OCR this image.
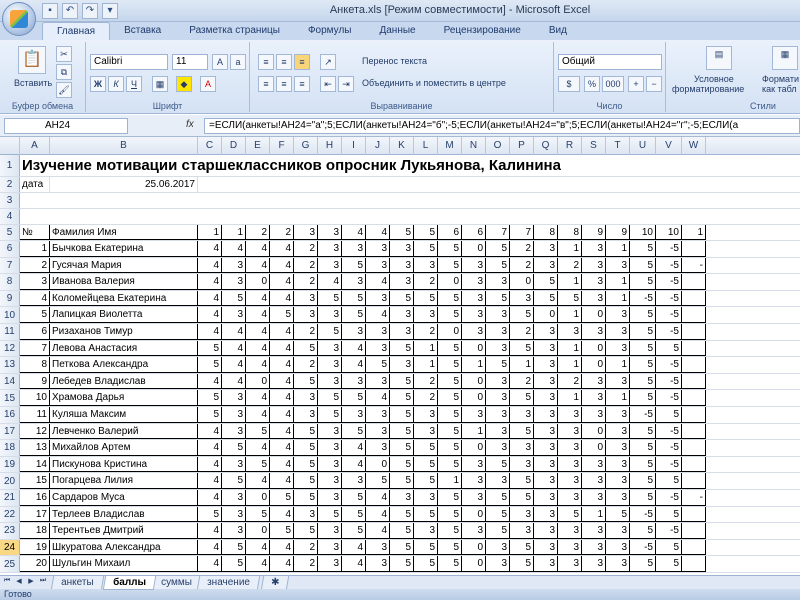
▪	↶	↷	▾	Анкета.xls [Режим совместимости] - Microsoft Excel
Главная	Вставка	Разметка страницы	Формулы	Данные	Рецензирование	Вид
📋
Вставить
✂
⧉
🖌
Буфер обмена
Calibri	11	A	a
Ж	К	Ч	▦	◆	A
Шрифт
≡	≡	≡	↗
≡	≡	≡	⇤	⇥
Перенос текста
Объединить и поместить в центре
Выравнивание
Общий
$	%	000	+	−
Число
▤
Условное
форматирование
▦
Формати
как табл
Стили
AH24	fx	=ЕСЛИ(анкеты!AH24="а";5;ЕСЛИ(анкеты!AH24="б";-5;ЕСЛИ(анкеты!AH24="в";5;ЕСЛИ(анкеты!AH24="г";-5;ЕСЛИ(а
A	B	C	D	E	F	G	H	I	J	K	L	M	N	O	P	Q	R	S	T	U	V	W
1 Изучение мотивации старшеклассников опросник Лукьянова, Калинина
2 дата	25.06.2017
3
4
5 №	Фамилия Имя	1	1	2	2	3	3	4	4	5	5	6	6	7	7	8	8	9	9	10	10	1
6	1 Бычкова Екатерина	4	4	4	4	2	3	3	3	3	5	5	0	5	2	3	1	3	1	5	-5
7	2 Гусячая Мария	4	3	4	4	2	3	5	3	3	3	5	3	5	2	3	2	3	3	5	-5	-
8	3 Иванова Валерия	4	3	0	4	2	4	3	4	3	2	0	3	3	0	5	1	3	1	5	-5
9	4 Коломейцева Екатерина	4	5	4	4	3	5	5	3	5	5	5	3	5	3	5	5	3	1	-5	-5
10	5 Лапицкая Виолетта	4	3	4	5	3	3	5	4	3	3	5	3	3	5	0	1	0	3	5	-5
11	6 Ризаханов Тимур	4	4	4	4	2	5	3	3	3	2	0	3	3	2	3	3	3	3	5	-5
12	7 Левова Анастасия	5	4	4	4	5	3	4	3	5	1	5	0	3	5	3	1	0	3	5	5
13	8 Петкова Александра	5	4	4	4	2	3	4	5	3	1	5	1	5	1	3	1	0	1	5	-5
14	9 Лебедев Владислав	4	4	0	4	5	3	3	3	5	2	5	0	3	2	3	2	3	3	5	-5
15	10 Храмова Дарья	5	3	4	4	3	5	5	4	5	2	5	0	3	5	3	1	3	1	5	-5
16	11 Куляша Максим	5	3	4	4	3	5	3	3	5	3	5	3	3	3	3	3	3	3	-5	5
17	12 Левченко Валерий	4	3	5	4	5	3	5	3	5	3	5	1	3	5	3	3	0	3	5	-5
18	13 Михайлов Артем	4	5	4	4	5	3	4	3	5	5	5	0	3	3	3	3	0	3	5	-5
19	14 Пискунова Кристина	4	3	5	4	5	3	4	0	5	5	5	3	5	3	3	3	3	3	5	-5
20	15 Погарцева Лилия	4	5	4	4	5	3	3	5	5	5	1	3	3	5	3	3	3	3	5	5
21	16 Сардаров Муса	4	3	0	5	5	3	5	4	3	3	5	3	5	5	3	3	3	3	5	-5	-
22	17 Терлеев Владислав	5	3	5	4	3	5	5	4	5	5	5	0	5	3	3	5	1	5	-5	5
23	18 Терентьев Дмитрий	4	3	0	5	5	3	5	4	5	3	5	3	5	3	3	3	3	3	5	-5
24	19 Шкуратова Александра	4	5	4	4	2	3	4	3	5	5	5	0	3	5	3	3	3	3	-5	5
25	20 Шульгин Михаил	4	5	4	4	2	3	4	3	5	5	5	0	3	5	3	3	3	3	5	5
⏮ ◀ ▶ ⏭	анкеты	баллы	суммы	значение	✱
Готово
